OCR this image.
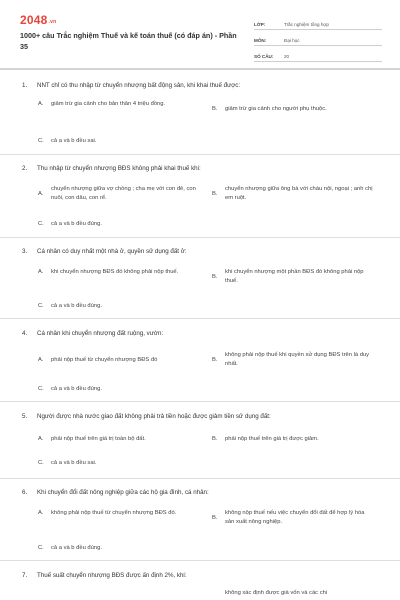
$2048^{.vn}$
1000+ câu Trắc nghiệm Thuế và kế toán thuế (có đáp án) - Phần 35
LỚP:	Trắc nghiệm tổng hợp
MÔN:	Đại học
SỐ CÂU:	20
1. NNT chỉ có thu nhập từ chuyển nhượng bất động sản, khi khai thuế được:
A.	giảm trừ gia cảnh cho bản thân 4 triệu đồng.
B.	giảm trừ gia cảnh cho người phụ thuộc.
C.	cả a và b đều sai.
2. Thu nhập từ chuyển nhượng BĐS không phải khai thuế khi:
A.
chuyển nhượng giữa vợ chồng ; cha mẹ với con đẻ, con nuôi, con dâu, con rể.
B.
chuyển nhượng giữa ông bà với cháu nội, ngoại ; anh chị em ruột.
C.	cả a và b đều đúng.
3. Cá nhân có duy nhất một nhà ở, quyền sử dụng đất ở:
A.	khi chuyển nhượng BĐS đó không phải nộp thuế.
B.
khi chuyển nhượng một phần BĐS đó không phải nộp thuế.
C.	cả a và b đều đúng.
4. Cá nhân khi chuyển nhượng đất ruộng, vườn:
A.	phải nộp thuế từ chuyển nhượng BĐS đó	B.
không phải nộp thuế khi quyền sử dụng BĐS trên là duy nhất.
C.	cả a và b đều đúng.
5. Người được nhà nước giao đất không phải trả tiền hoặc được giảm tiền sử dụng đất:
A.	phải nộp thuế trên giá trị toàn bộ đất.	B.	phải nộp thuế trên giá trị được giảm.
C.	cả a và b đều sai.
6. Khi chuyển đổi đất nông nghiệp giữa các hộ gia đình, cá nhân:
A.	không phải nộp thuế từ chuyển nhượng BĐS đó.
B.
không nộp thuế nếu việc chuyển đổi đất để hợp lý hóa sản xuất nông nghiệp.
C.	cả a và b đều đúng.
7. Thuế suất chuyển nhượng BĐS được ấn định 2%, khi:
không xác định được giá vốn và các chi
